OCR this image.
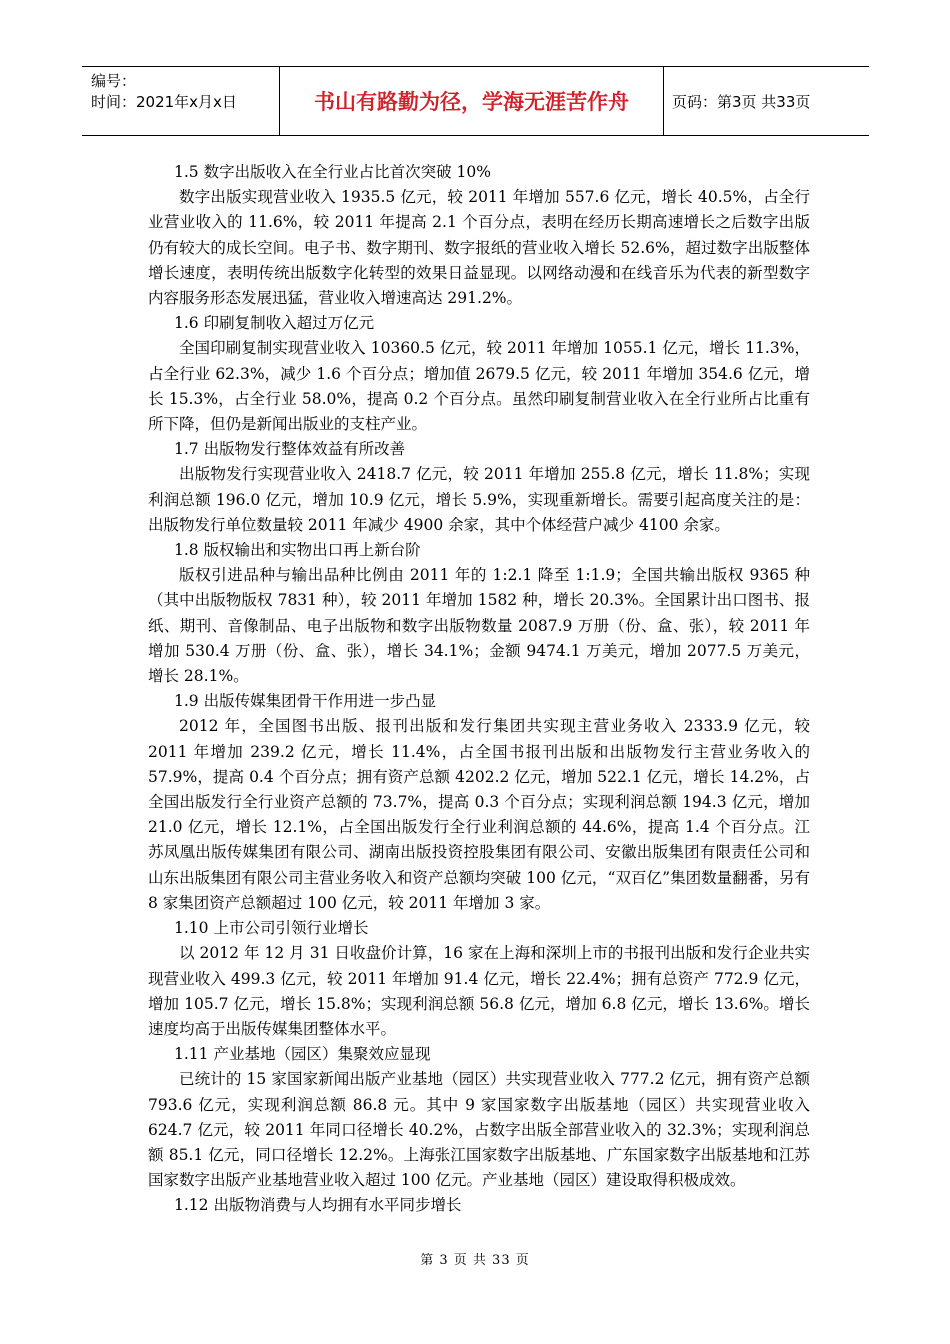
编号：
时间：2021年x月x日	书山有路勤为径，学海无涯苦作舟	页码：第3页 共33页

1.5 数字出版收入在全行业占比首次突破 10%

数字出版实现营业收入 1935.5 亿元，较 2011 年增加 557.6 亿元，增长 40.5%，占全行业营业收入的 11.6%，较 2011 年提高 2.1 个百分点，表明在经历长期高速增长之后数字出版仍有较大的成长空间。电子书、数字期刊、数字报纸的营业收入增长 52.6%，超过数字出版整体增长速度，表明传统出版数字化转型的效果日益显现。以网络动漫和在线音乐为代表的新型数字内容服务形态发展迅猛，营业收入增速高达 291.2%。

1.6 印刷复制收入超过万亿元

全国印刷复制实现营业收入 10360.5 亿元，较 2011 年增加 1055.1 亿元，增长 11.3%，占全行业 62.3%，减少 1.6 个百分点；增加值 2679.5 亿元，较 2011 年增加 354.6 亿元，增长 15.3%，占全行业 58.0%，提高 0.2 个百分点。虽然印刷复制营业收入在全行业所占比重有所下降，但仍是新闻出版业的支柱产业。

1.7 出版物发行整体效益有所改善

出版物发行实现营业收入 2418.7 亿元，较 2011 年增加 255.8 亿元，增长 11.8%；实现利润总额 196.0 亿元，增加 10.9 亿元，增长 5.9%，实现重新增长。需要引起高度关注的是：出版物发行单位数量较 2011 年减少 4900 余家，其中个体经营户减少 4100 余家。

1.8 版权输出和实物出口再上新台阶

版权引进品种与输出品种比例由 2011 年的 1:2.1 降至 1:1.9；全国共输出版权 9365 种（其中出版物版权 7831 种），较 2011 年增加 1582 种，增长 20.3%。全国累计出口图书、报纸、期刊、音像制品、电子出版物和数字出版物数量 2087.9 万册（份、盒、张），较 2011 年增加 530.4 万册（份、盒、张），增长 34.1%；金额 9474.1 万美元，增加 2077.5 万美元，增长 28.1%。

1.9 出版传媒集团骨干作用进一步凸显

2012 年，全国图书出版、报刊出版和发行集团共实现主营业务收入 2333.9 亿元，较 2011 年增加 239.2 亿元，增长 11.4%，占全国书报刊出版和出版物发行主营业务收入的 57.9%，提高 0.4 个百分点；拥有资产总额 4202.2 亿元，增加 522.1 亿元，增长 14.2%，占全国出版发行全行业资产总额的 73.7%，提高 0.3 个百分点；实现利润总额 194.3 亿元，增加 21.0 亿元，增长 12.1%，占全国出版发行全行业利润总额的 44.6%，提高 1.4 个百分点。江苏凤凰出版传媒集团有限公司、湖南出版投资控股集团有限公司、安徽出版集团有限责任公司和山东出版集团有限公司主营业务收入和资产总额均突破 100 亿元，“双百亿”集团数量翻番，另有 8 家集团资产总额超过 100 亿元，较 2011 年增加 3 家。

1.10 上市公司引领行业增长

以 2012 年 12 月 31 日收盘价计算，16 家在上海和深圳上市的书报刊出版和发行企业共实现营业收入 499.3 亿元，较 2011 年增加 91.4 亿元，增长 22.4%；拥有总资产 772.9 亿元，增加 105.7 亿元，增长 15.8%；实现利润总额 56.8 亿元，增加 6.8 亿元，增长 13.6%。增长速度均高于出版传媒集团整体水平。

1.11 产业基地（园区）集聚效应显现

已统计的 15 家国家新闻出版产业基地（园区）共实现营业收入 777.2 亿元，拥有资产总额 793.6 亿元，实现利润总额 86.8 元。其中 9 家国家数字出版基地（园区）共实现营业收入 624.7 亿元，较 2011 年同口径增长 40.2%，占数字出版全部营业收入的 32.3%；实现利润总额 85.1 亿元，同口径增长 12.2%。上海张江国家数字出版基地、广东国家数字出版基地和江苏国家数字出版产业基地营业收入超过 100 亿元。产业基地（园区）建设取得积极成效。

1.12 出版物消费与人均拥有水平同步增长

第 3 页 共 33 页
